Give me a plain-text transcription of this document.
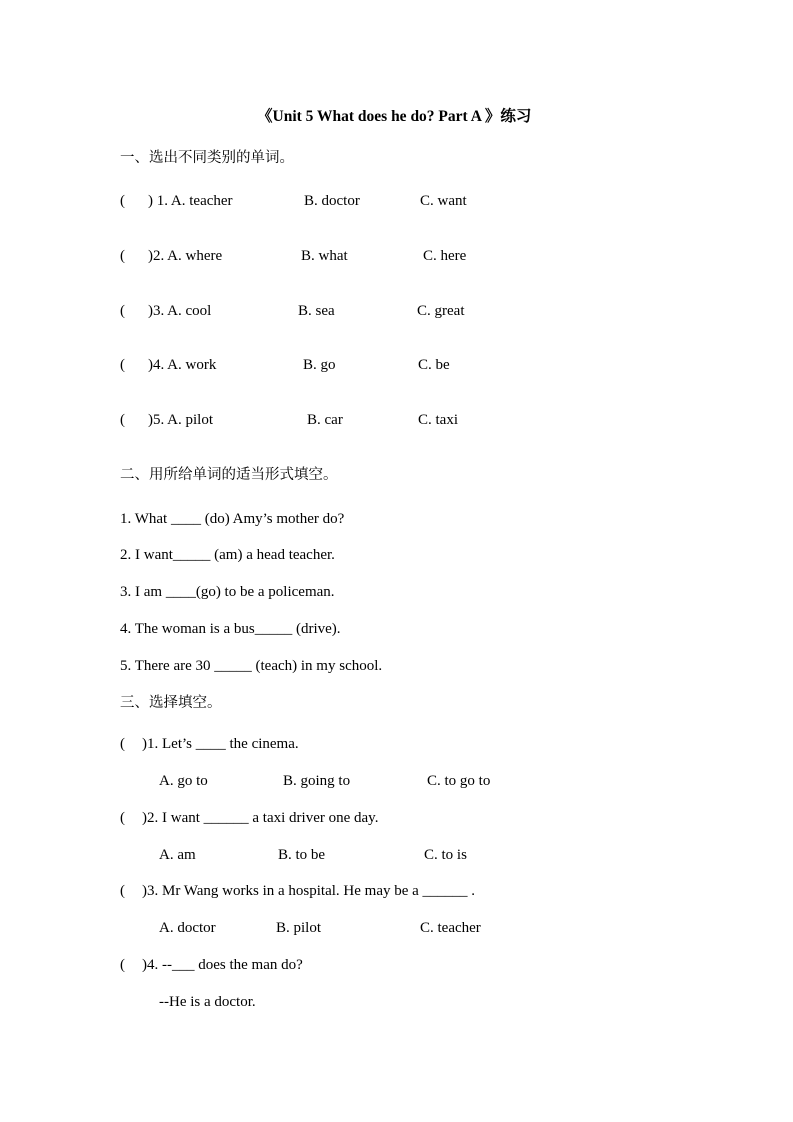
《Unit 5 What does he do? Part A 》练习
一、选出不同类别的单词。
( ) 1. A. teacher	B. doctor	C. want
( )2. A. where	B. what	C. here
( )3. A. cool	B. sea	C. great
( )4. A. work	B. go	C. be
( )5. A. pilot	B. car	C. taxi
二、用所给单词的适当形式填空。
1. What ____ (do) Amy’s mother do?
2. I want_____ (am) a head teacher.
3. I am ____(go) to be a policeman.
4. The woman is a bus_____ (drive).
5. There are 30 _____ (teach) in my school.
三、选择填空。
( )1. Let’s ____ the cinema.
A. go to	B. going to	C. to go to
( )2. I want ______ a taxi driver one day.
A. am	B. to be	C. to is
( )3. Mr Wang works in a hospital. He may be a ______ .
A. doctor	B. pilot	C. teacher
( )4. --___ does the man do?
--He is a doctor.
